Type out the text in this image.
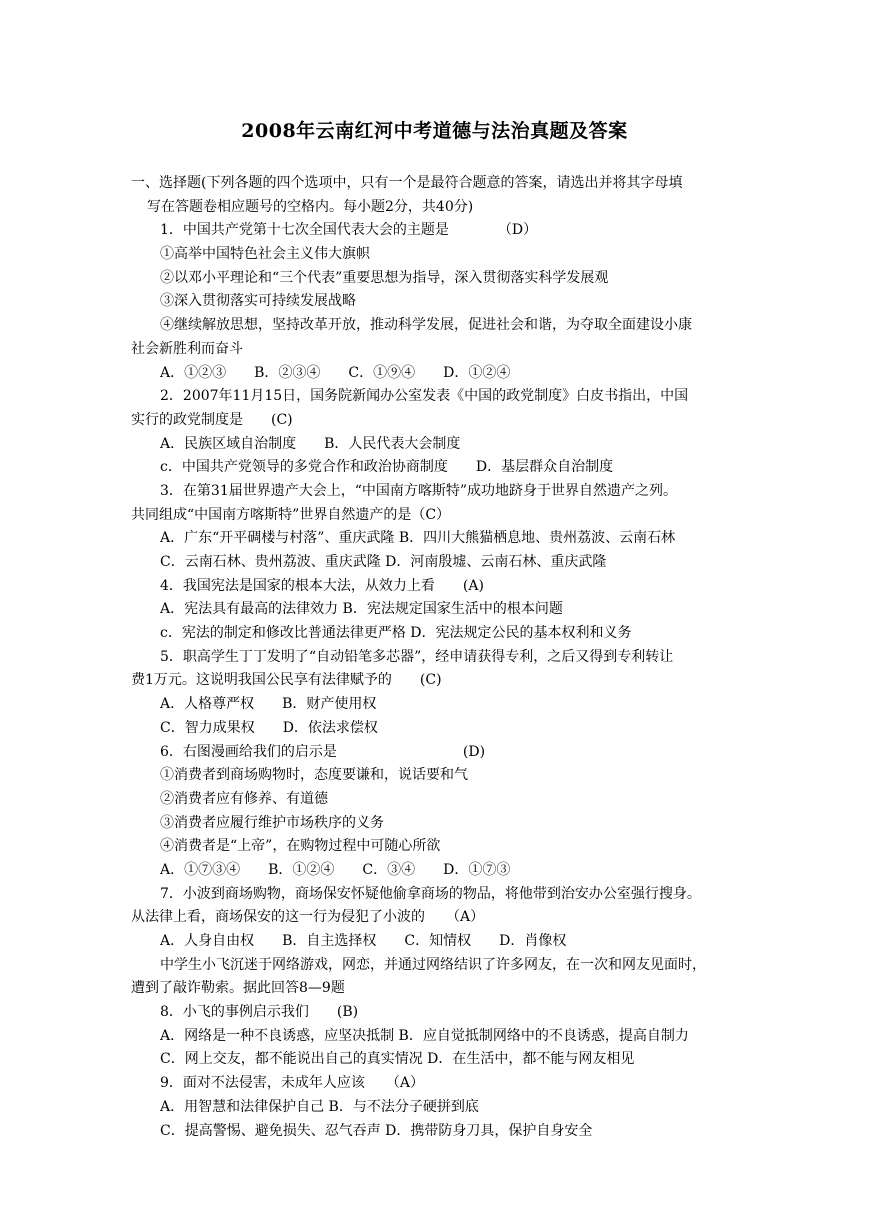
2008年云南红河中考道德与法治真题及答案
一、选择题(下列各题的四个选项中，只有一个是最符合题意的答案，请选出并将其字母填
写在答题卷相应题号的空格内。每小题2分，共40分)
1．中国共产党第十七次全国代表大会的主题是　　　　（D）
①高举中国特色社会主义伟大旗帜
②以邓小平理论和“三个代表”重要思想为指导，深入贯彻落实科学发展观
③深入贯彻落实可持续发展战略
④继续解放思想，坚持改革开放，推动科学发展，促进社会和谐，为夺取全面建设小康
社会新胜利而奋斗
A．①②③　　B．②③④　　C．①⑨④　　D．①②④
2．2007年11月15日，国务院新闻办公室发表《中国的政党制度》白皮书指出，中国
实行的政党制度是　　(C)
A．民族区域自治制度　　B．人民代表大会制度
c．中国共产党领导的多党合作和政治协商制度　　D．基层群众自治制度
3．在第31届世界遗产大会上，“中国南方喀斯特”成功地跻身于世界自然遗产之列。
共同组成“中国南方喀斯特”世界自然遗产的是（C）
A．广东“开平碉楼与村落”、重庆武隆 B．四川大熊猫栖息地、贵州荔波、云南石林
C．云南石林、贵州荔波、重庆武隆 D．河南殷墟、云南石林、重庆武隆
4．我国宪法是国家的根本大法，从效力上看　　(A)
A．宪法具有最高的法律效力 B．宪法规定国家生活中的根本问题
c．宪法的制定和修改比普通法律更严格 D．宪法规定公民的基本权利和义务
5．职高学生丁丁发明了“自动铅笔多芯器”，经申请获得专利，之后又得到专利转让
费1万元。这说明我国公民享有法律赋予的　　(C)
A．人格尊严权　　B．财产使用权
C．智力成果权　　D．依法求偿权
6．右图漫画给我们的启示是　　　　　　　　　(D)
①消费者到商场购物时，态度要谦和，说话要和气
②消费者应有修养、有道德
③消费者应履行维护市场秩序的义务
④消费者是“上帝”，在购物过程中可随心所欲
A．①⑦③④　　B．①②④　　C．③④　　D．①⑦③
7．小波到商场购物，商场保安怀疑他偷拿商场的物品，将他带到治安办公室强行搜身。
从法律上看，商场保安的这一行为侵犯了小波的　　（A）
A．人身自由权　　B．自主选择权　　C．知情权　　D．肖像权
中学生小飞沉迷于网络游戏，网恋，并通过网络结识了许多网友，在一次和网友见面时，
遭到了敲诈勒索。据此回答8—9题
8．小飞的事例启示我们　　(B)
A．网络是一种不良诱惑，应坚决抵制 B．应自觉抵制网络中的不良诱惑，提高自制力
C．网上交友，都不能说出自己的真实情况 D．在生活中，都不能与网友相见
9．面对不法侵害，未成年人应该　　（A）
A．用智慧和法律保护自己 B．与不法分子硬拼到底
C．提高警惕、避免损失、忍气吞声 D．携带防身刀具，保护自身安全
